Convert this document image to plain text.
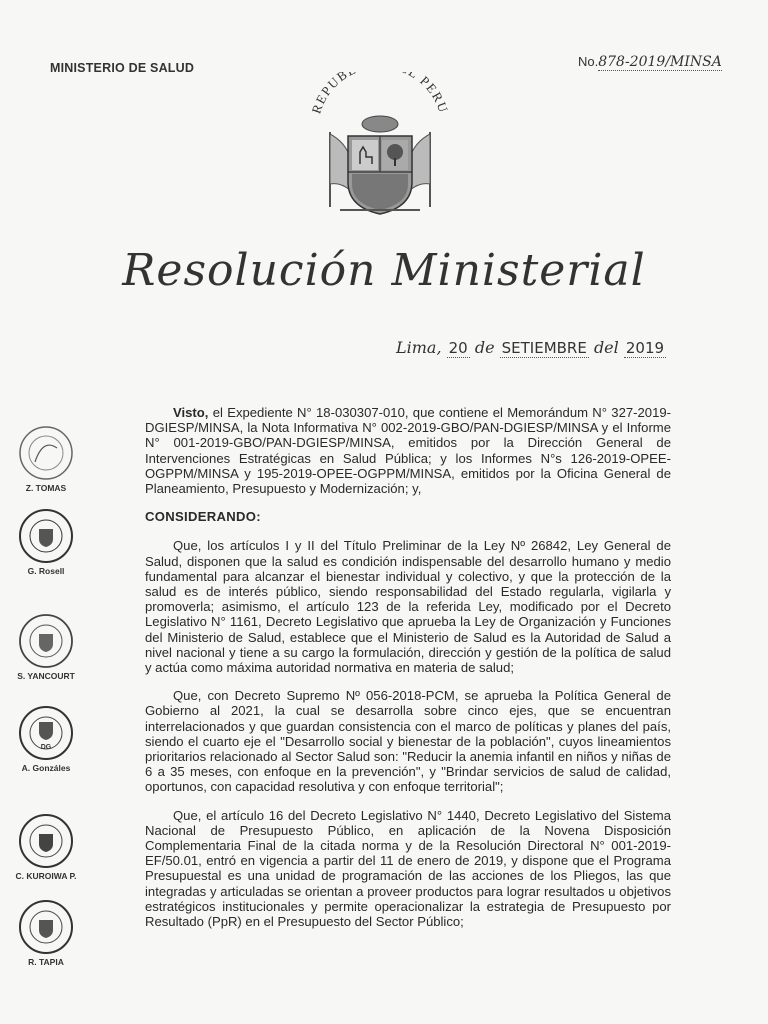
MINISTERIO DE SALUD	No.878-2019/MINSA
REPUB L PERU
Resolución Ministerial
Lima, 20 de SETIEMBRE del 2019

Visto, el Expediente N° 18-030307-010, que contiene el Memorándum N° 327-2019-DGIESP/MINSA, la Nota Informativa N° 002-2019-GBO/PAN-DGIESP/MINSA y el Informe N° 001-2019-GBO/PAN-DGIESP/MINSA, emitidos por la Dirección General de Intervenciones Estratégicas en Salud Pública; y los Informes N°s 126-2019-OPEE-OGPPM/MINSA y 195-2019-OPEE-OGPPM/MINSA, emitidos por la Oficina General de Planeamiento, Presupuesto y Modernización; y,

CONSIDERANDO:

Que, los artículos I y II del Título Preliminar de la Ley Nº 26842, Ley General de Salud, disponen que la salud es condición indispensable del desarrollo humano y medio fundamental para alcanzar el bienestar individual y colectivo, y que la protección de la salud es de interés público, siendo responsabilidad del Estado regularla, vigilarla y promoverla; asimismo, el artículo 123 de la referida Ley, modificado por el Decreto Legislativo N° 1161, Decreto Legislativo que aprueba la Ley de Organización y Funciones del Ministerio de Salud, establece que el Ministerio de Salud es la Autoridad de Salud a nivel nacional y tiene a su cargo la formulación, dirección y gestión de la política de salud y actúa como máxima autoridad normativa en materia de salud;

Que, con Decreto Supremo Nº 056-2018-PCM, se aprueba la Política General de Gobierno al 2021, la cual se desarrolla sobre cinco ejes, que se encuentran interrelacionados y que guardan consistencia con el marco de políticas y planes del país, siendo el cuarto eje el "Desarrollo social y bienestar de la población", cuyos lineamientos prioritarios relacionado al Sector Salud son: "Reducir la anemia infantil en niños y niñas de 6 a 35 meses, con enfoque en la prevención", y "Brindar servicios de salud de calidad, oportunos, con capacidad resolutiva y con enfoque territorial";

Que, el artículo 16 del Decreto Legislativo N° 1440, Decreto Legislativo del Sistema Nacional de Presupuesto Público, en aplicación de la Novena Disposición Complementaria Final de la citada norma y de la Resolución Directoral N° 001-2019-EF/50.01, entró en vigencia a partir del 11 de enero de 2019, y dispone que el Programa Presupuestal es una unidad de programación de las acciones de los Pliegos, las que integradas y articuladas se orientan a proveer productos para lograr resultados u objetivos estratégicos institucionales y permite operacionalizar la estrategia de Presupuesto por Resultado (PpR) en el Presupuesto del Sector Público;

Z. TOMAS
G. Rosell
S. YANCOURT
DG
A. Gonzáles
C. KUROIWA P.
R. TAPIA
